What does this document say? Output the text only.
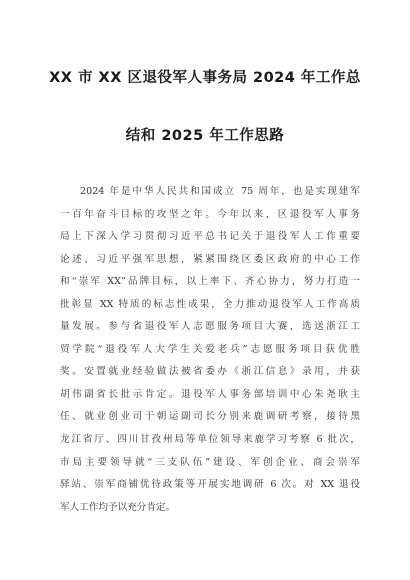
XX 市 XX 区退役军人事务局 2024 年工作总
结和 2025 年工作思路
2024 年是中华人民共和国成立 75 周年，也是实现建军
一百年奋斗目标的攻坚之年。今年以来，区退役军人事务
局上下深入学习贯彻习近平总书记关于退役军人工作重要
论述、习近平强军思想，紧紧围绕区委区政府的中心工作
和“崇军 XX”品牌目标，以上率下、齐心协力，努力打造一
批彰显 XX 特质的标志性成果，全力推动退役军人工作高质
量发展。参与省退役军人志愿服务项目大赛，选送浙江工
贸学院“退役军人大学生关爱老兵”志愿服务项目获优胜
奖。安置就业经验做法被省委办《浙江信息》录用，并获
胡伟副省长批示肯定。退役军人事务部培训中心朱尧耿主
任、就业创业司于朝运副司长分别来鹿调研考察，接待黑
龙江省厅、四川甘孜州局等单位领导来鹿学习考察 6 批次，
市局主要领导就“三支队伍”建设、军创企业、商会崇军
驿站、崇军商铺优待政策等开展实地调研 6 次。对 XX 退役
军人工作均予以充分肯定。
